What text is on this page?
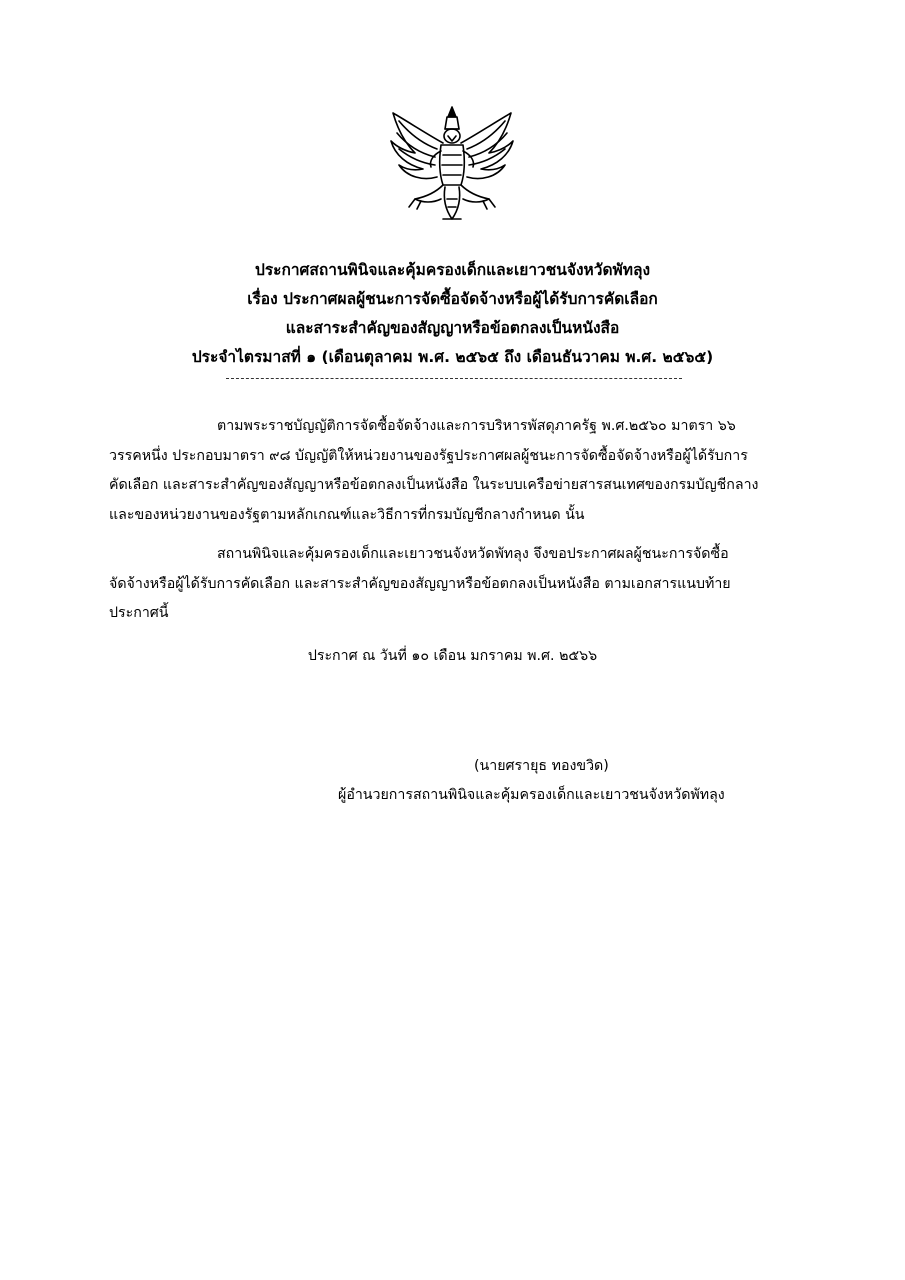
ประกาศสถานพินิจและคุ้มครองเด็กและเยาวชนจังหวัดพัทลุง
เรื่อง ประกาศผลผู้ชนะการจัดซื้อจัดจ้างหรือผู้ได้รับการคัดเลือก
และสาระสำคัญของสัญญาหรือข้อตกลงเป็นหนังสือ
ประจำไตรมาสที่ ๑ (เดือนตุลาคม พ.ศ. ๒๕๖๕ ถึง เดือนธันวาคม พ.ศ. ๒๕๖๕)
ตามพระราชบัญญัติการจัดซื้อจัดจ้างและการบริหารพัสดุภาครัฐ พ.ศ.๒๕๖๐ มาตรา ๖๖
วรรคหนึ่ง ประกอบมาตรา ๙๘ บัญญัติให้หน่วยงานของรัฐประกาศผลผู้ชนะการจัดซื้อจัดจ้างหรือผู้ได้รับการ
คัดเลือก และสาระสำคัญของสัญญาหรือข้อตกลงเป็นหนังสือ ในระบบเครือข่ายสารสนเทศของกรมบัญชีกลาง
และของหน่วยงานของรัฐตามหลักเกณฑ์และวิธีการที่กรมบัญชีกลางกำหนด นั้น
สถานพินิจและคุ้มครองเด็กและเยาวชนจังหวัดพัทลุง จึงขอประกาศผลผู้ชนะการจัดซื้อ
จัดจ้างหรือผู้ได้รับการคัดเลือก และสาระสำคัญของสัญญาหรือข้อตกลงเป็นหนังสือ ตามเอกสารแนบท้าย
ประกาศนี้
ประกาศ ณ วันที่ ๑๐ เดือน มกราคม พ.ศ. ๒๕๖๖
(นายศรายุธ ทองขวิด)
ผู้อำนวยการสถานพินิจและคุ้มครองเด็กและเยาวชนจังหวัดพัทลุง
